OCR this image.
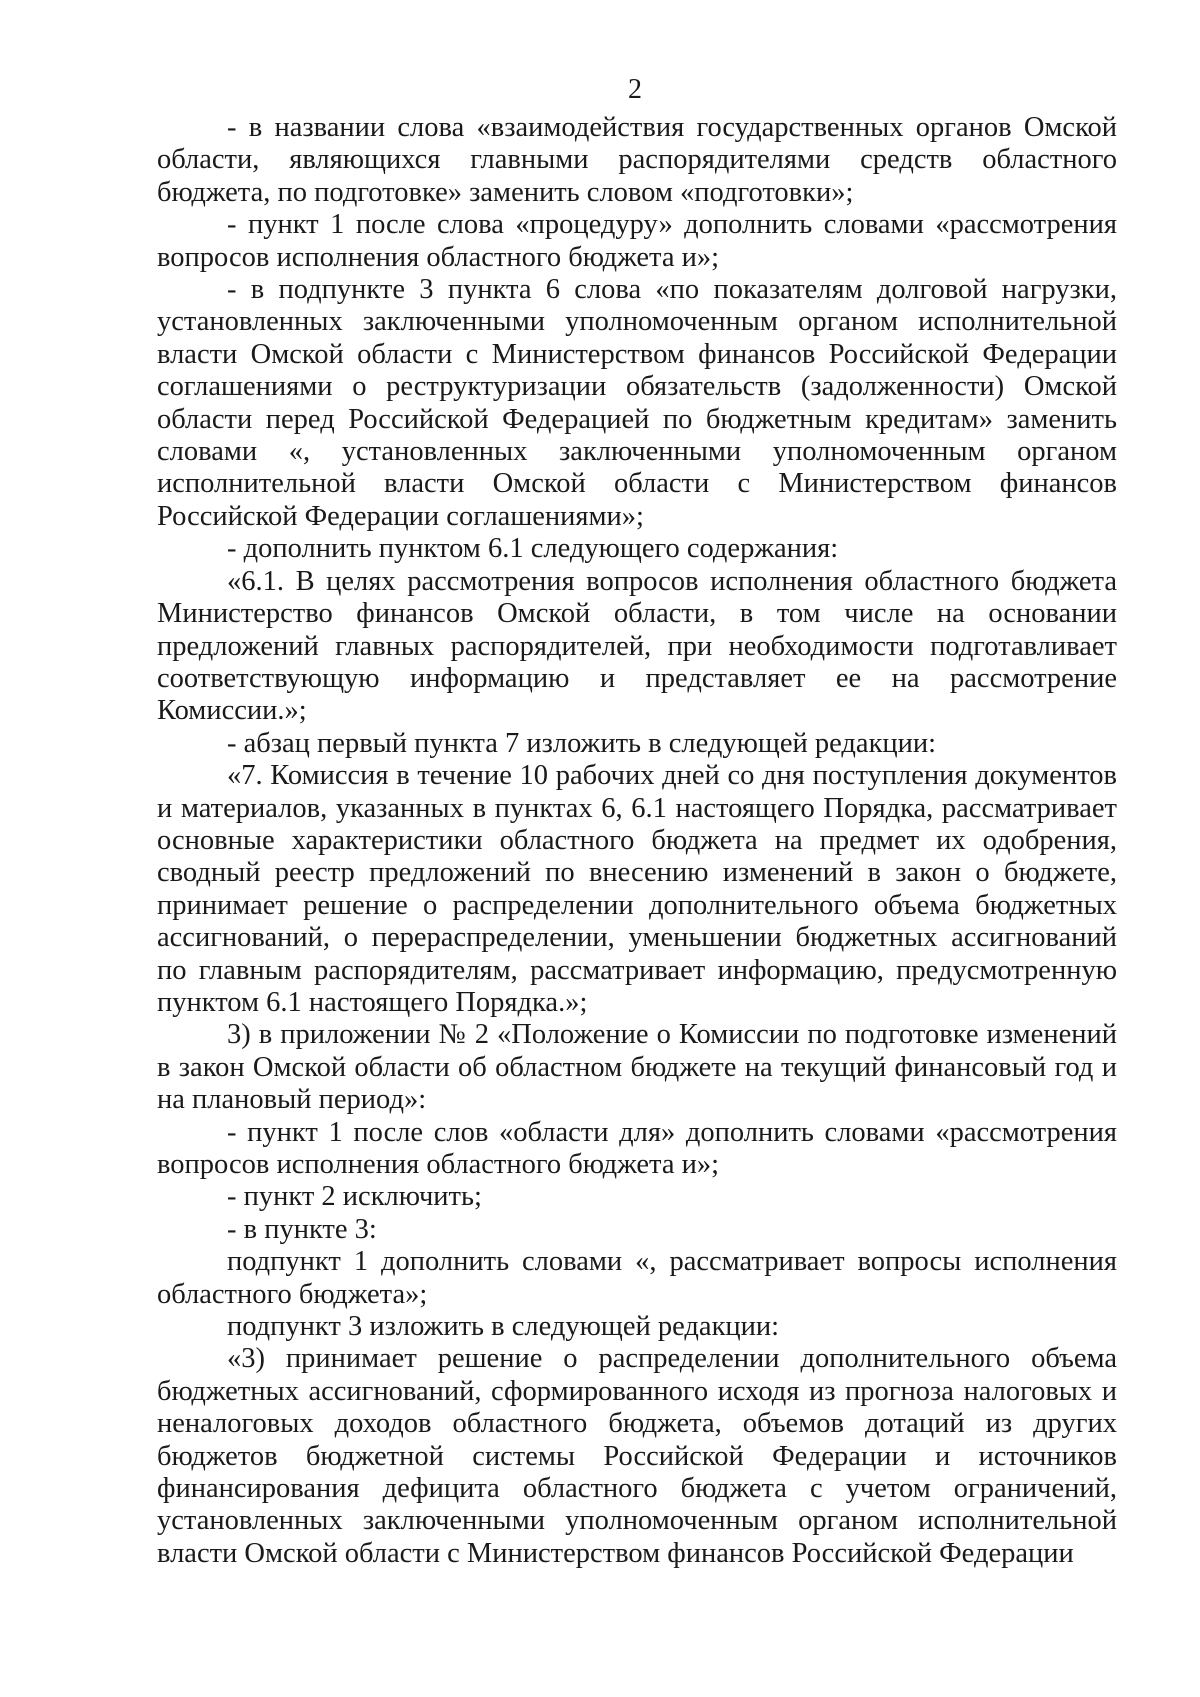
2

- в названии слова «взаимодействия государственных органов Омской области, являющихся главными распорядителями средств областного бюджета, по подготовке» заменить словом «подготовки»;

- пункт 1 после слова «процедуру» дополнить словами «рассмотрения вопросов исполнения областного бюджета и»;

- в подпункте 3 пункта 6 слова «по показателям долговой нагрузки, установленных заключенными уполномоченным органом исполнительной власти Омской области с Министерством финансов Российской Федерации соглашениями о реструктуризации обязательств (задолженности) Омской области перед Российской Федерацией по бюджетным кредитам» заменить словами «, установленных заключенными уполномоченным органом исполнительной власти Омской области с Министерством финансов Российской Федерации соглашениями»;

- дополнить пунктом 6.1 следующего содержания:

«6.1. В целях рассмотрения вопросов исполнения областного бюджета Министерство финансов Омской области, в том числе на основании предложений главных распорядителей, при необходимости подготавливает соответствующую информацию и представляет ее на рассмотрение Комиссии.»;

- абзац первый пункта 7 изложить в следующей редакции:

«7. Комиссия в течение 10 рабочих дней со дня поступления документов и материалов, указанных в пунктах 6, 6.1 настоящего Порядка, рассматривает основные характеристики областного бюджета на предмет их одобрения, сводный реестр предложений по внесению изменений в закон о бюджете, принимает решение о распределении дополнительного объема бюджетных ассигнований, о перераспределении, уменьшении бюджетных ассигнований по главным распорядителям, рассматривает информацию, предусмотренную пунктом 6.1 настоящего Порядка.»;

3) в приложении № 2 «Положение о Комиссии по подготовке изменений в закон Омской области об областном бюджете на текущий финансовый год и на плановый период»:

- пункт 1 после слов «области для» дополнить словами «рассмотрения вопросов исполнения областного бюджета и»;

- пункт 2 исключить;

- в пункте 3:

подпункт 1 дополнить словами «, рассматривает вопросы исполнения областного бюджета»;

подпункт 3 изложить в следующей редакции:

«3) принимает решение о распределении дополнительного объема бюджетных ассигнований, сформированного исходя из прогноза налоговых и неналоговых доходов областного бюджета, объемов дотаций из других бюджетов бюджетной системы Российской Федерации и источников финансирования дефицита областного бюджета с учетом ограничений, установленных заключенными уполномоченным органом исполнительной власти Омской области с Министерством финансов Российской Федерации
